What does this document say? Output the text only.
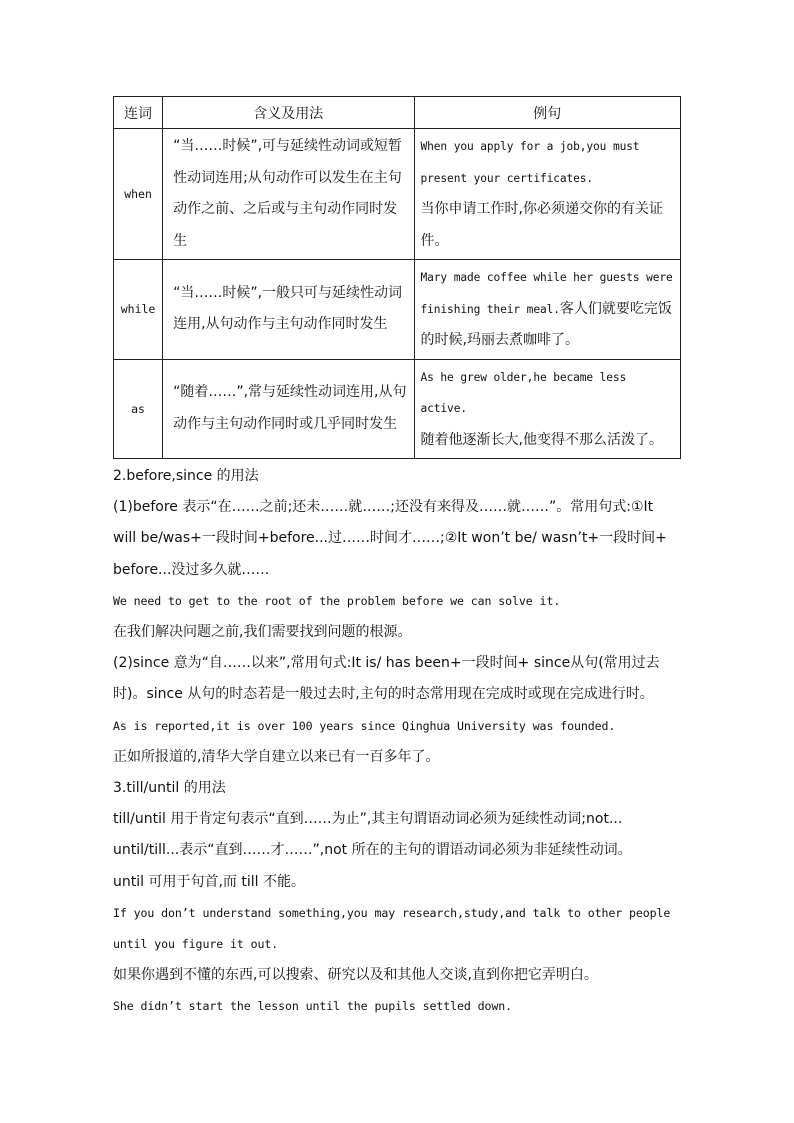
连词	含义及用法	例句
when	“当……时候”,可与延续性动词或短暂性动词连用;从句动作可以发生在主句动作之前、之后或与主句动作同时发生	When you apply for a job,you must present your certificates.
当你申请工作时,你必须递交你的有关证件。
while	“当……时候”,一般只可与延续性动词连用,从句动作与主句动作同时发生	Mary made coffee while her guests were finishing their meal.客人们就要吃完饭的时候,玛丽去煮咖啡了。
as	“随着……”,常与延续性动词连用,从句动作与主句动作同时或几乎同时发生	As he grew older,he became less active.
随着他逐渐长大,他变得不那么活泼了。
2.before,since 的用法
(1)before 表示“在……之前;还未……就……;还没有来得及……就……”。常用句式:①It
will be/was+一段时间+before...过……时间才……;②It won’t be/ wasn’t+一段时间+
before...没过多久就……
We need to get to the root of the problem before we can solve it.
在我们解决问题之前,我们需要找到问题的根源。
(2)since 意为“自……以来”,常用句式:It is/ has been+一段时间+ since从句(常用过去
时)。since 从句的时态若是一般过去时,主句的时态常用现在完成时或现在完成进行时。
As is reported,it is over 100 years since Qinghua University was founded.
正如所报道的,清华大学自建立以来已有一百多年了。
3.till/until 的用法
till/until 用于肯定句表示“直到……为止”,其主句谓语动词必须为延续性动词;not...
until/till...表示“直到……才……”,not 所在的主句的谓语动词必须为非延续性动词。
until 可用于句首,而 till 不能。
If you don’t understand something,you may research,study,and talk to other people
until you figure it out.
如果你遇到不懂的东西,可以搜索、研究以及和其他人交谈,直到你把它弄明白。
She didn’t start the lesson until the pupils settled down.
